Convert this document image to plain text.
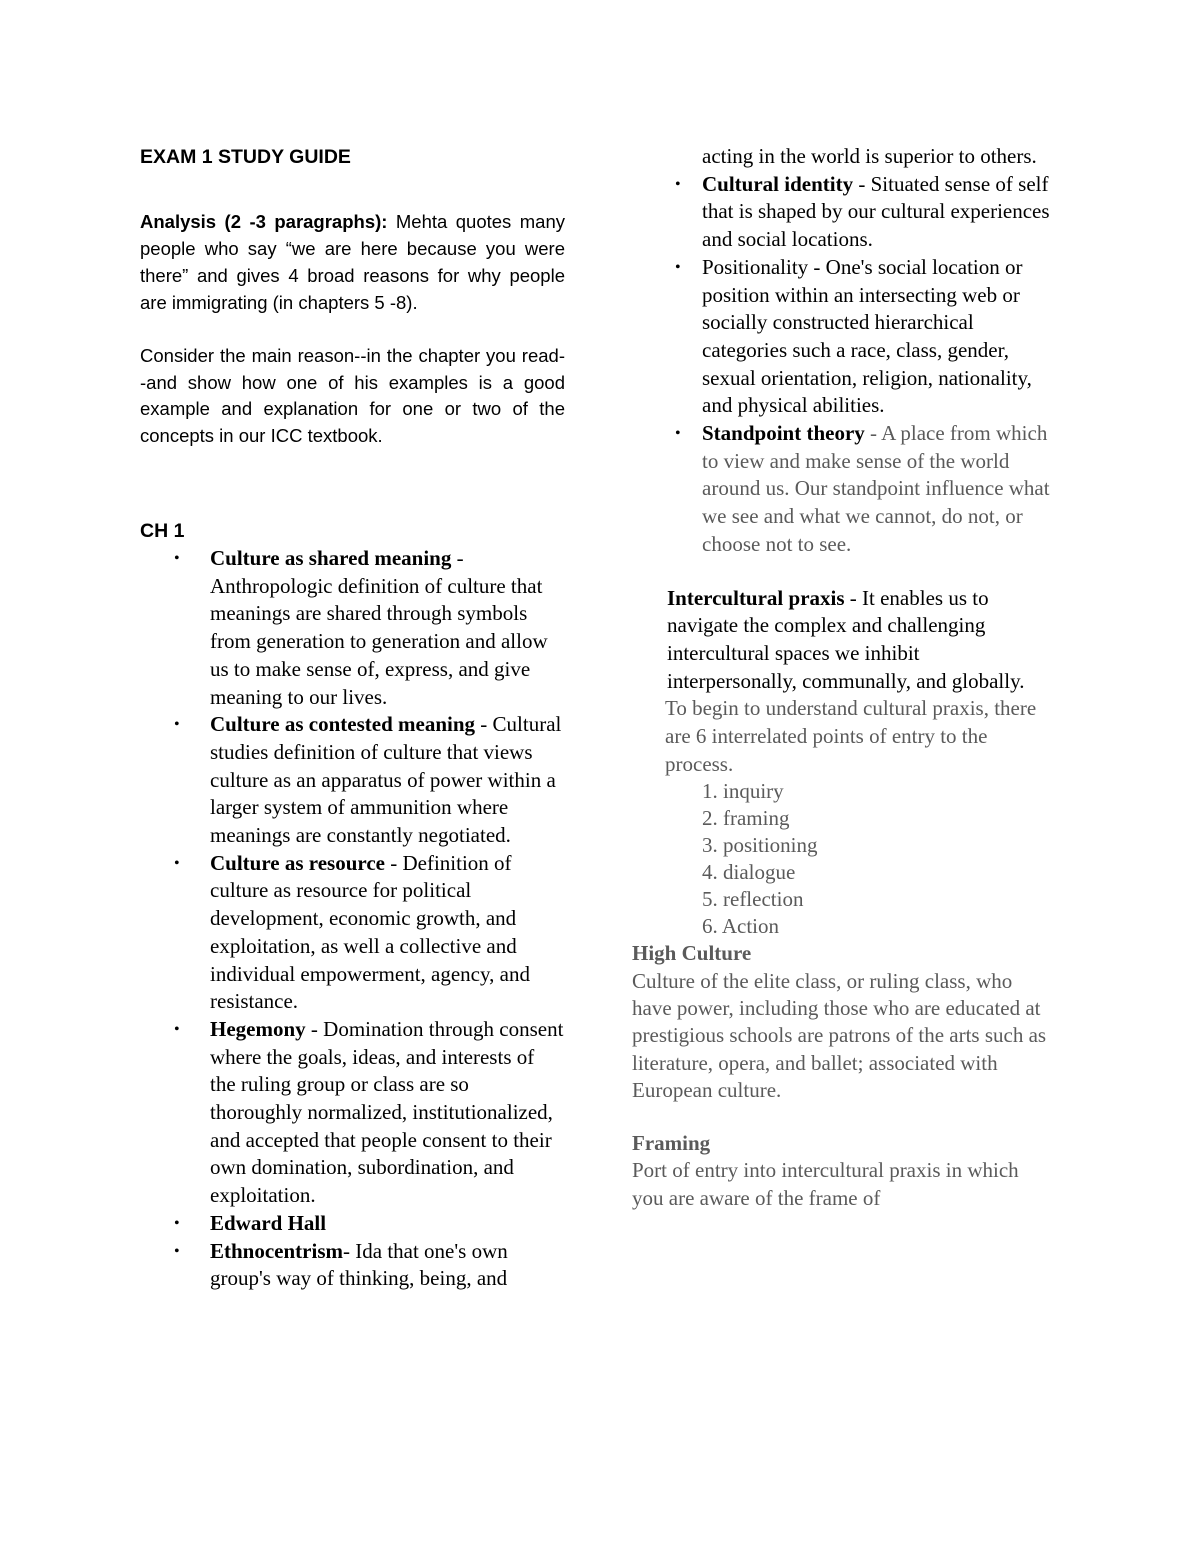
EXAM 1 STUDY GUIDE
Analysis (2 -3 paragraphs): Mehta quotes many people who say “we are here because you were there” and gives 4 broad reasons for why people are immigrating (in chapters 5 -8).
Consider the main reason--in the chapter you read--and show how one of his examples is a good example and explanation for one or two of the concepts in our ICC textbook.
CH 1
• Culture as shared meaning - Anthropologic definition of culture that meanings are shared through symbols from generation to generation and allow us to make sense of, express, and give meaning to our lives.
• Culture as contested meaning - Cultural studies definition of culture that views culture as an apparatus of power within a larger system of ammunition where meanings are constantly negotiated.
• Culture as resource - Definition of culture as resource for political development, economic growth, and exploitation, as well a collective and individual empowerment, agency, and resistance.
• Hegemony - Domination through consent where the goals, ideas, and interests of the ruling group or class are so thoroughly normalized, institutionalized, and accepted that people consent to their own domination, subordination, and exploitation.
• Edward Hall
• Ethnocentrism- Ida that one's own group's way of thinking, being, and
acting in the world is superior to others.
• Cultural identity - Situated sense of self that is shaped by our cultural experiences and social locations.
• Positionality - One's social location or position within an intersecting web or socially constructed hierarchical categories such a race, class, gender, sexual orientation, religion, nationality, and physical abilities.
• Standpoint theory - A place from which to view and make sense of the world around us. Our standpoint influence what we see and what we cannot, do not, or choose not to see.
Intercultural praxis - It enables us to navigate the complex and challenging intercultural spaces we inhibit interpersonally, communally, and globally.
To begin to understand cultural praxis, there are 6 interrelated points of entry to the process.
1. inquiry
2. framing
3. positioning
4. dialogue
5. reflection
6. Action
High Culture
Culture of the elite class, or ruling class, who have power, including those who are educated at prestigious schools are patrons of the arts such as
literature, opera, and ballet; associated with European culture.
Framing
Port of entry into intercultural praxis in which you are aware of the frame of
